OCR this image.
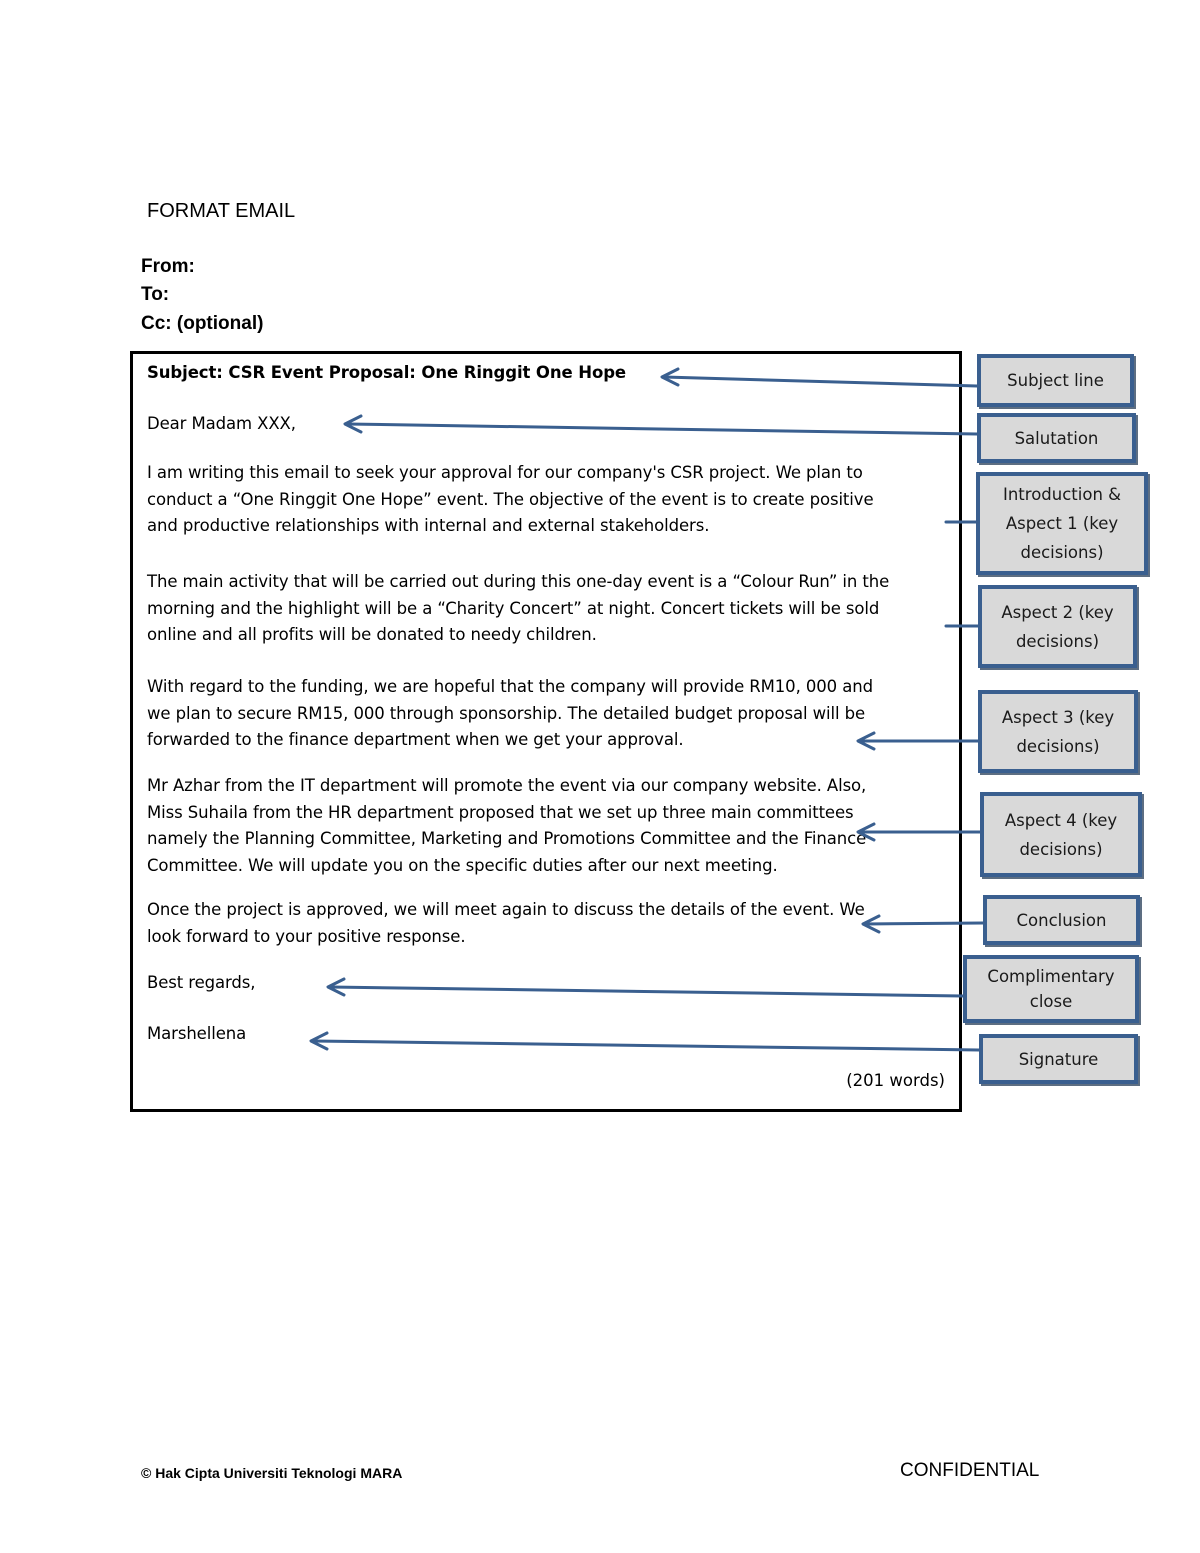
FORMAT EMAIL
From:
To:
Cc: (optional)
Subject: CSR Event Proposal: One Ringgit One Hope
Dear Madam XXX,
I am writing this email to seek your approval for our company's CSR project. We plan to
conduct a “One Ringgit One Hope” event. The objective of the event is to create positive
and productive relationships with internal and external stakeholders.
The main activity that will be carried out during this one-day event is a “Colour Run” in the
morning and the highlight will be a “Charity Concert” at night. Concert tickets will be sold
online and all profits will be donated to needy children.
With regard to the funding, we are hopeful that the company will provide RM10, 000 and
we plan to secure RM15, 000 through sponsorship. The detailed budget proposal will be
forwarded to the finance department when we get your approval.
Mr Azhar from the IT department will promote the event via our company website. Also,
Miss Suhaila from the HR department proposed that we set up three main committees
namely the Planning Committee, Marketing and Promotions Committee and the Finance
Committee. We will update you on the specific duties after our next meeting.
Once the project is approved, we will meet again to discuss the details of the event. We
look forward to your positive response.
Best regards,
Marshellena
(201 words)
Subject line
Salutation
Introduction &
Aspect 1 (key
decisions)
Aspect 2 (key
decisions)
Aspect 3 (key
decisions)
Aspect 4 (key
decisions)
Conclusion
Complimentary
close
Signature
© Hak Cipta Universiti Teknologi MARA	CONFIDENTIAL
